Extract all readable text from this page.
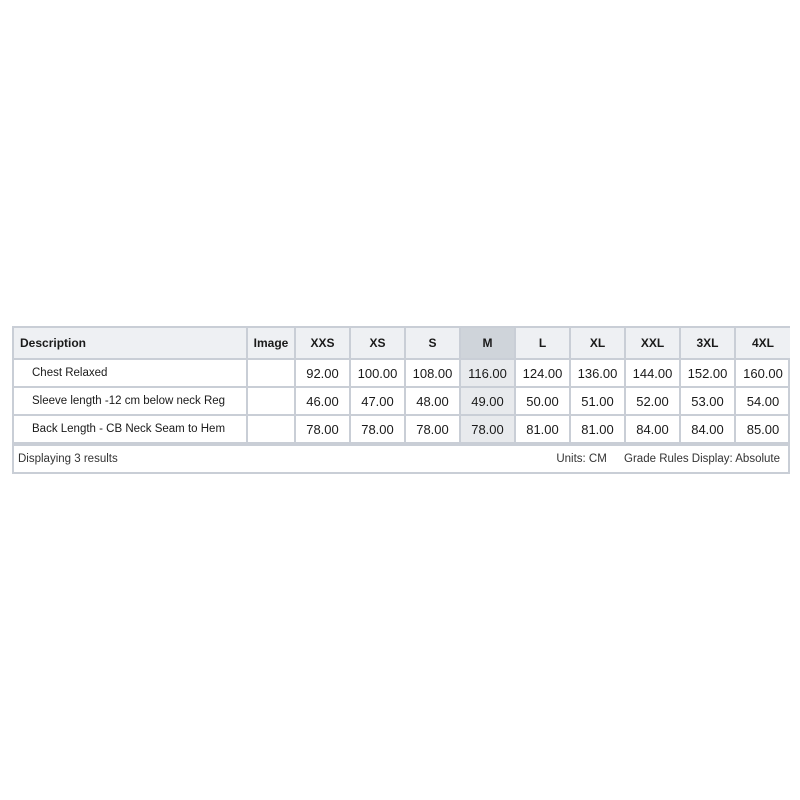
Description	Image	XXS	XS	S	M	L	XL	XXL	3XL	4XL
Chest Relaxed		92.00	100.00	108.00	116.00	124.00	136.00	144.00	152.00	160.00
Sleeve length -12 cm below neck Reg		46.00	47.00	48.00	49.00	50.00	51.00	52.00	53.00	54.00
Back Length - CB Neck Seam to Hem		78.00	78.00	78.00	78.00	81.00	81.00	84.00	84.00	85.00
Displaying 3 results	Units: CM Grade Rules Display: Absolute
